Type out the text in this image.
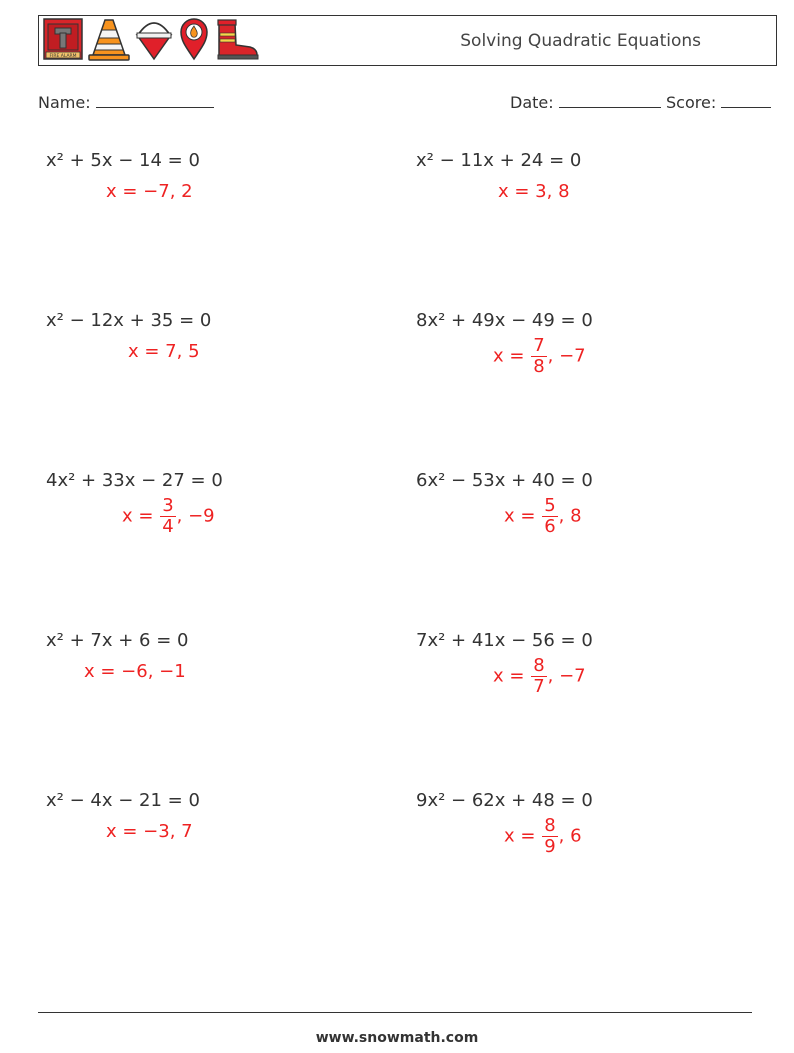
FIRE ALARM
Solving Quadratic Equations
Name:	Date:	Score:
x² + 5x − 14 = 0
x = −7, 2
x² − 11x + 24 = 0
x = 3, 8
x² − 12x + 35 = 0
x = 7, 5
8x² + 49x − 49 = 0
$x = \frac{7}{8}$ , −7
4x² + 33x − 27 = 0
$x = \frac{3}{4}$ , −9
6x² − 53x + 40 = 0
$x = \frac{5}{6}$ , 8
x² + 7x + 6 = 0
x = −6, −1
7x² + 41x − 56 = 0
$x = \frac{8}{7}$ , −7
x² − 4x − 21 = 0
x = −3, 7
9x² − 62x + 48 = 0
$x = \frac{8}{9}$ , 6
www.snowmath.com
